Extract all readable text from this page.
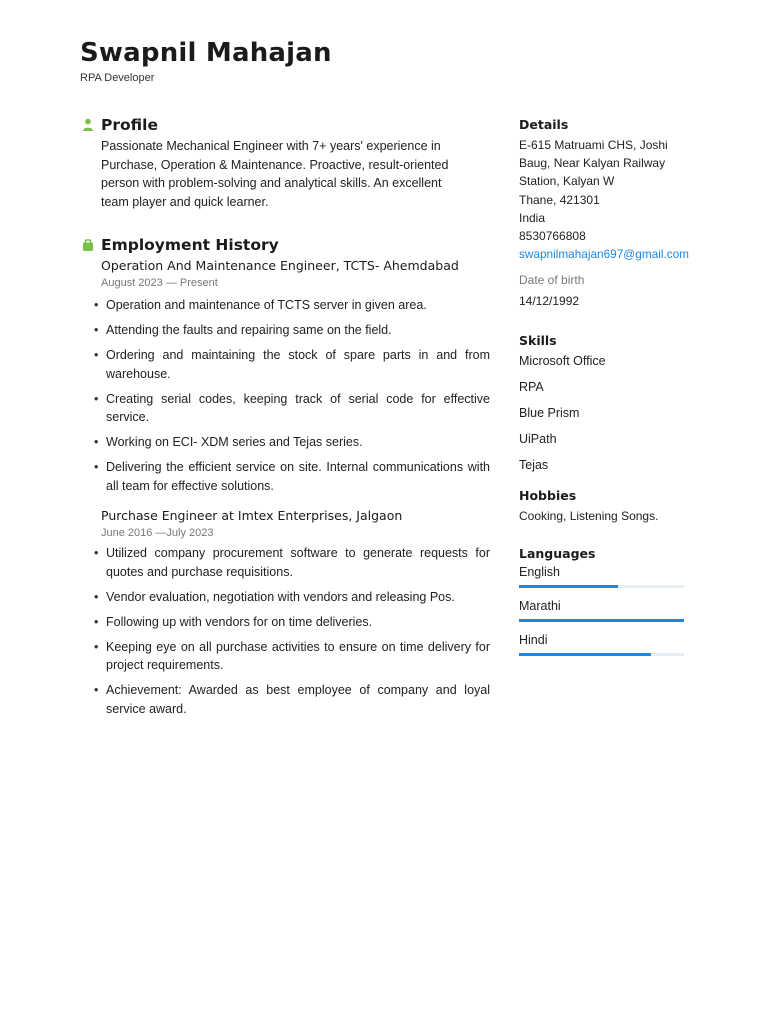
Swapnil Mahajan
RPA Developer
Profile

Passionate Mechanical Engineer with 7+ years' experience in Purchase, Operation & Maintenance. Proactive, result-oriented person with problem-solving and analytical skills. An excellent team player and quick learner.

Employment History

Operation And Maintenance Engineer, TCTS- Ahemdabad

August 2023 — Present
• Operation and maintenance of TCTS server in given area.
• Attending the faults and repairing same on the field.
• Ordering and maintaining the stock of spare parts in and from warehouse.
• Creating serial codes, keeping track of serial code for effective service.
• Working on ECI- XDM series and Tejas series.
• Delivering the efficient service on site. Internal communications with all team for effective solutions.

Purchase Engineer at Imtex Enterprises, Jalgaon

June 2016 —July 2023
• Utilized company procurement software to generate requests for quotes and purchase requisitions.
• Vendor evaluation, negotiation with vendors and releasing Pos.
• Following up with vendors for on time deliveries.
• Keeping eye on all purchase activities to ensure on time delivery for project requirements.
• Achievement: Awarded as best employee of company and loyal service award.
Details
E-615 Matruami CHS, Joshi
Baug, Near Kalyan Railway
Station, Kalyan W
Thane, 421301
India
8530766808
swapnilmahajan697@gmail.com
Date of birth
14/12/1992
Skills
Microsoft Office
RPA
Blue Prism
UiPath
Tejas
Hobbies
Cooking, Listening Songs.
Languages
English
Marathi
Hindi
